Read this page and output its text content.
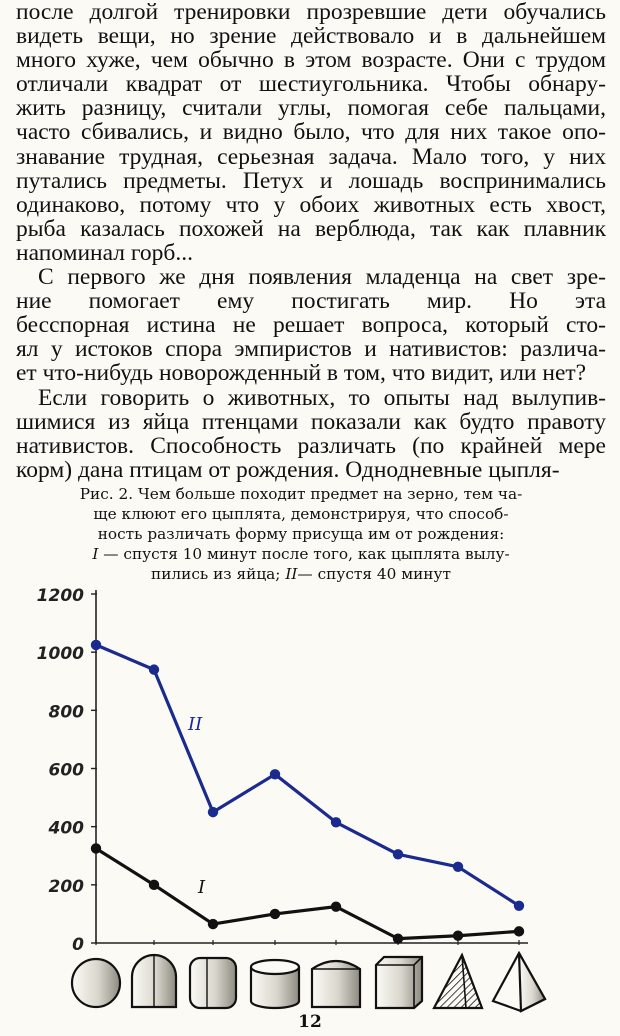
после долгой тренировки прозревшие дети обучались
видеть вещи, но зрение действовало и в дальнейшем
много хуже, чем обычно в этом возрасте. Они с трудом
отличали квадрат от шестиугольника. Чтобы обнару-
жить разницу, считали углы, помогая себе пальцами,
часто сбивались, и видно было, что для них такое опо-
знавание трудная, серьезная задача. Мало того, у них
путались предметы. Петух и лошадь воспринимались
одинаково, потому что у обоих животных есть хвост,
рыба казалась похожей на верблюда, так как плавник
напоминал горб...
С первого же дня появления младенца на свет зре-
ние помогает ему постигать мир. Но эта
бесспорная истина не решает вопроса, который сто-
ял у истоков спора эмпиристов и нативистов: различа-
ет что-нибудь новорожденный в том, что видит, или нет?
Если говорить о животных, то опыты над вылупив-
шимися из яйца птенцами показали как будто правоту
нативистов. Способность различать (по крайней мере
корм) дана птицам от рождения. Однодневные цыпля-
Рис. 2. Чем больше походит предмет на зерно, тем ча-
ще клюют его цыплята, демонстрируя, что способ-
ность различать форму присуща им от рождения:
I — спустя 10 минут после того, как цыплята вылу-
пились из яйца; II— спустя 40 минут
0
200
400
600
800
1000
1200
II
I
12
